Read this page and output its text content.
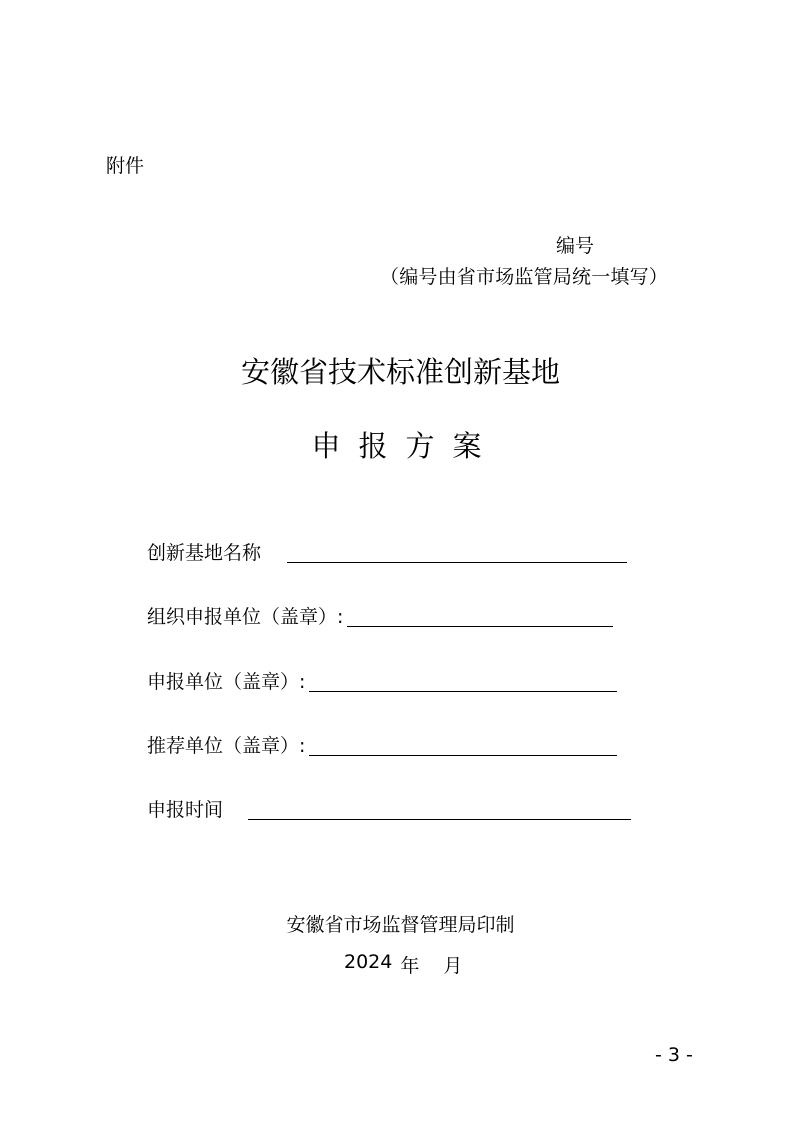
附件
编号
（编号由省市场监管局统一填写）
安徽省技术标准创新基地
申报方案
创新基地名称
组织申报单位（盖章）:
申报单位（盖章）:
推荐单位（盖章）:
申报时间
安徽省市场监督管理局印制
2024 年 月
- 3 -
